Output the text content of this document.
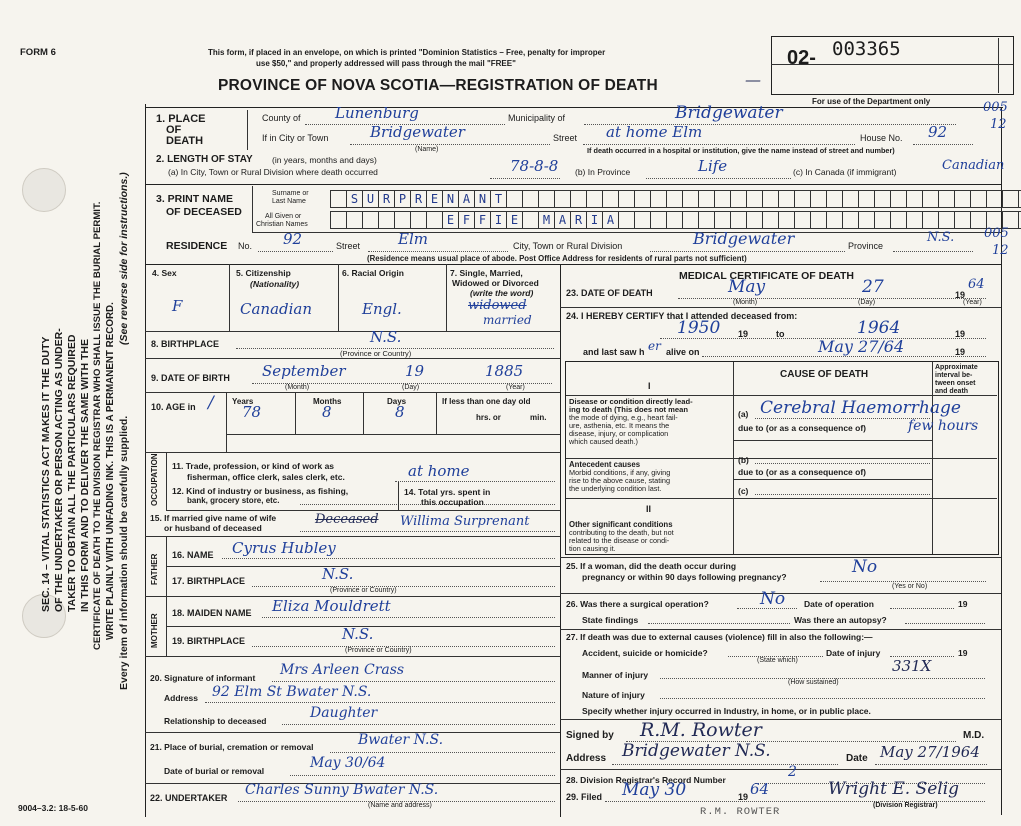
SEC. 14 – VITAL STATISTICS ACT MAKES IT THE DUTY OF THE UNDERTAKER OR PERSON ACTING AS UNDER- TAKER TO OBTAIN ALL THE PARTICULARS REQUIRED IN THIS FORM AND TO DELIVER THE SAME WITH THE CERTIFICATE OF DEATH TO THE DIVISION REGISTRAR WHO SHALL ISSUE THE BURIAL PERMIT. WRITE PLAINLY WITH UNFADING INK. THIS IS A PERMANENT RECORD. Every item of information should be carefully supplied.
(See reverse side for instructions.)
FORM 6	This form, if placed in an envelope, on which is printed "Dominion Statistics – Free, penalty for improper
use $50," and properly addressed will pass through the mail "FREE"
PROVINCE OF NOVA SCOTIA—REGISTRATION OF DEATH
02- 003365
—
For use of the Department only
1. PLACE
OF
DEATH
County of Lunenburg	Municipality of	Bridgewater
If in City or Town	Bridgewater
(Name)
Street at home Elm	House No. 92
005
12
If death occurred in a hospital or institution, give the name instead of street and number)
2. LENGTH OF STAY (in years, months and days)
(a) In City, Town or Rural Division where death occurred	78-8-8 (b) In Province	Life	(c) In Canada (if immigrant)	Canadian
3. PRINT NAME
OF DECEASED
Surname or
Last Name
All Given or
Christian Names
S U R P R E N A N T
E F F I E	M A R I A
RESIDENCE No. 92	Street	Elm	City, Town or Rural Division	Bridgewater	Province
N.S. 005
12
(Residence means usual place of abode. Post Office Address for residents of rural parts not sufficient)
4. Sex
F
5. Citizenship
(Nationality)
Canadian
6. Racial Origin
Engl.
7. Single, Married,
Widowed or Divorced
(write the word)
widowed
married
8. BIRTHPLACE	N.S.
(Province or Country)
9. DATE OF BIRTH September	19	1885
(Month)	(Day)	(Year)
10. AGE in / Years
78
Months
8
Days
8
If less than one day old
hrs. or	min.
OCCUPATION 11. Trade, profession, or kind of work as
fisherman, office clerk, sales clerk, etc.	at home
12. Kind of industry or business, as fishing,
bank, grocery store, etc.
14. Total yrs. spent in
this occupation
15. If married give name of wife
or husband of deceased
Deceased Willima Surprenant
FATHER 16. NAME Cyrus Hubley
17. BIRTHPLACE	N.S.
(Province or Country)
MOTHER
18. MAIDEN NAME Eliza Mouldrett
19. BIRTHPLACE	N.S.
(Province or Country)
20. Signature of informant Mrs Arleen Crass
Address 92 Elm St Bwater N.S.
Relationship to deceased	Daughter
21. Place of burial, cremation or removal	Bwater N.S.
Date of burial or removal	May 30/64
22. UNDERTAKER Charles Sunny Bwater N.S.
(Name and address)
9004–3.2: 18-5-60
MEDICAL CERTIFICATE OF DEATH
23. DATE OF DEATH	May	27	19
64
(Month)	(Day)	(Year)
24. I HEREBY CERTIFY that I attended deceased from:
1950 19	to	1964	19
and last saw h er alive on	May 27/64	19
CAUSE OF DEATH
Approximate
interval be-
tween onset
and death
I
Disease or condition directly lead-
ing to death (This does not mean
the mode of dying, e.g., heart fail-
ure, asthenia, etc. It means the
disease, injury, or complication
which caused death.)
(a) Cerebral Haemorrhage
due to (or as a consequence of)	few hours
Antecedent causes
Morbid conditions, if any, giving
rise to the above cause, stating
the underlying condition last.
(b)
due to (or as a consequence of)
(c)
II
Other significant conditions
contributing to the death, but not
related to the disease or condi-
tion causing it.
25. If a woman, did the death occur during
pregnancy or within 90 days following pregnancy?	No
(Yes or No)
26. Was there a surgical operation?	No Date of operation	19
State findings	Was there an autopsy?
27. If death was due to external causes (violence) fill in also the following:—
Accident, suicide or homicide?
(State which)
Date of injury	19
Manner of injury	331X
(How sustained)
Nature of injury
Specify whether injury occurred in Industry, in home, or in public place.
Signed by R.M. Rowter	M.D.
Address Bridgewater N.S.	Date May 27/1964
28. Division Registrar's Record Number	2
29. Filed May 30	19 64	Wright E. Selig
(Division Registrar)
R.M. ROWTER
